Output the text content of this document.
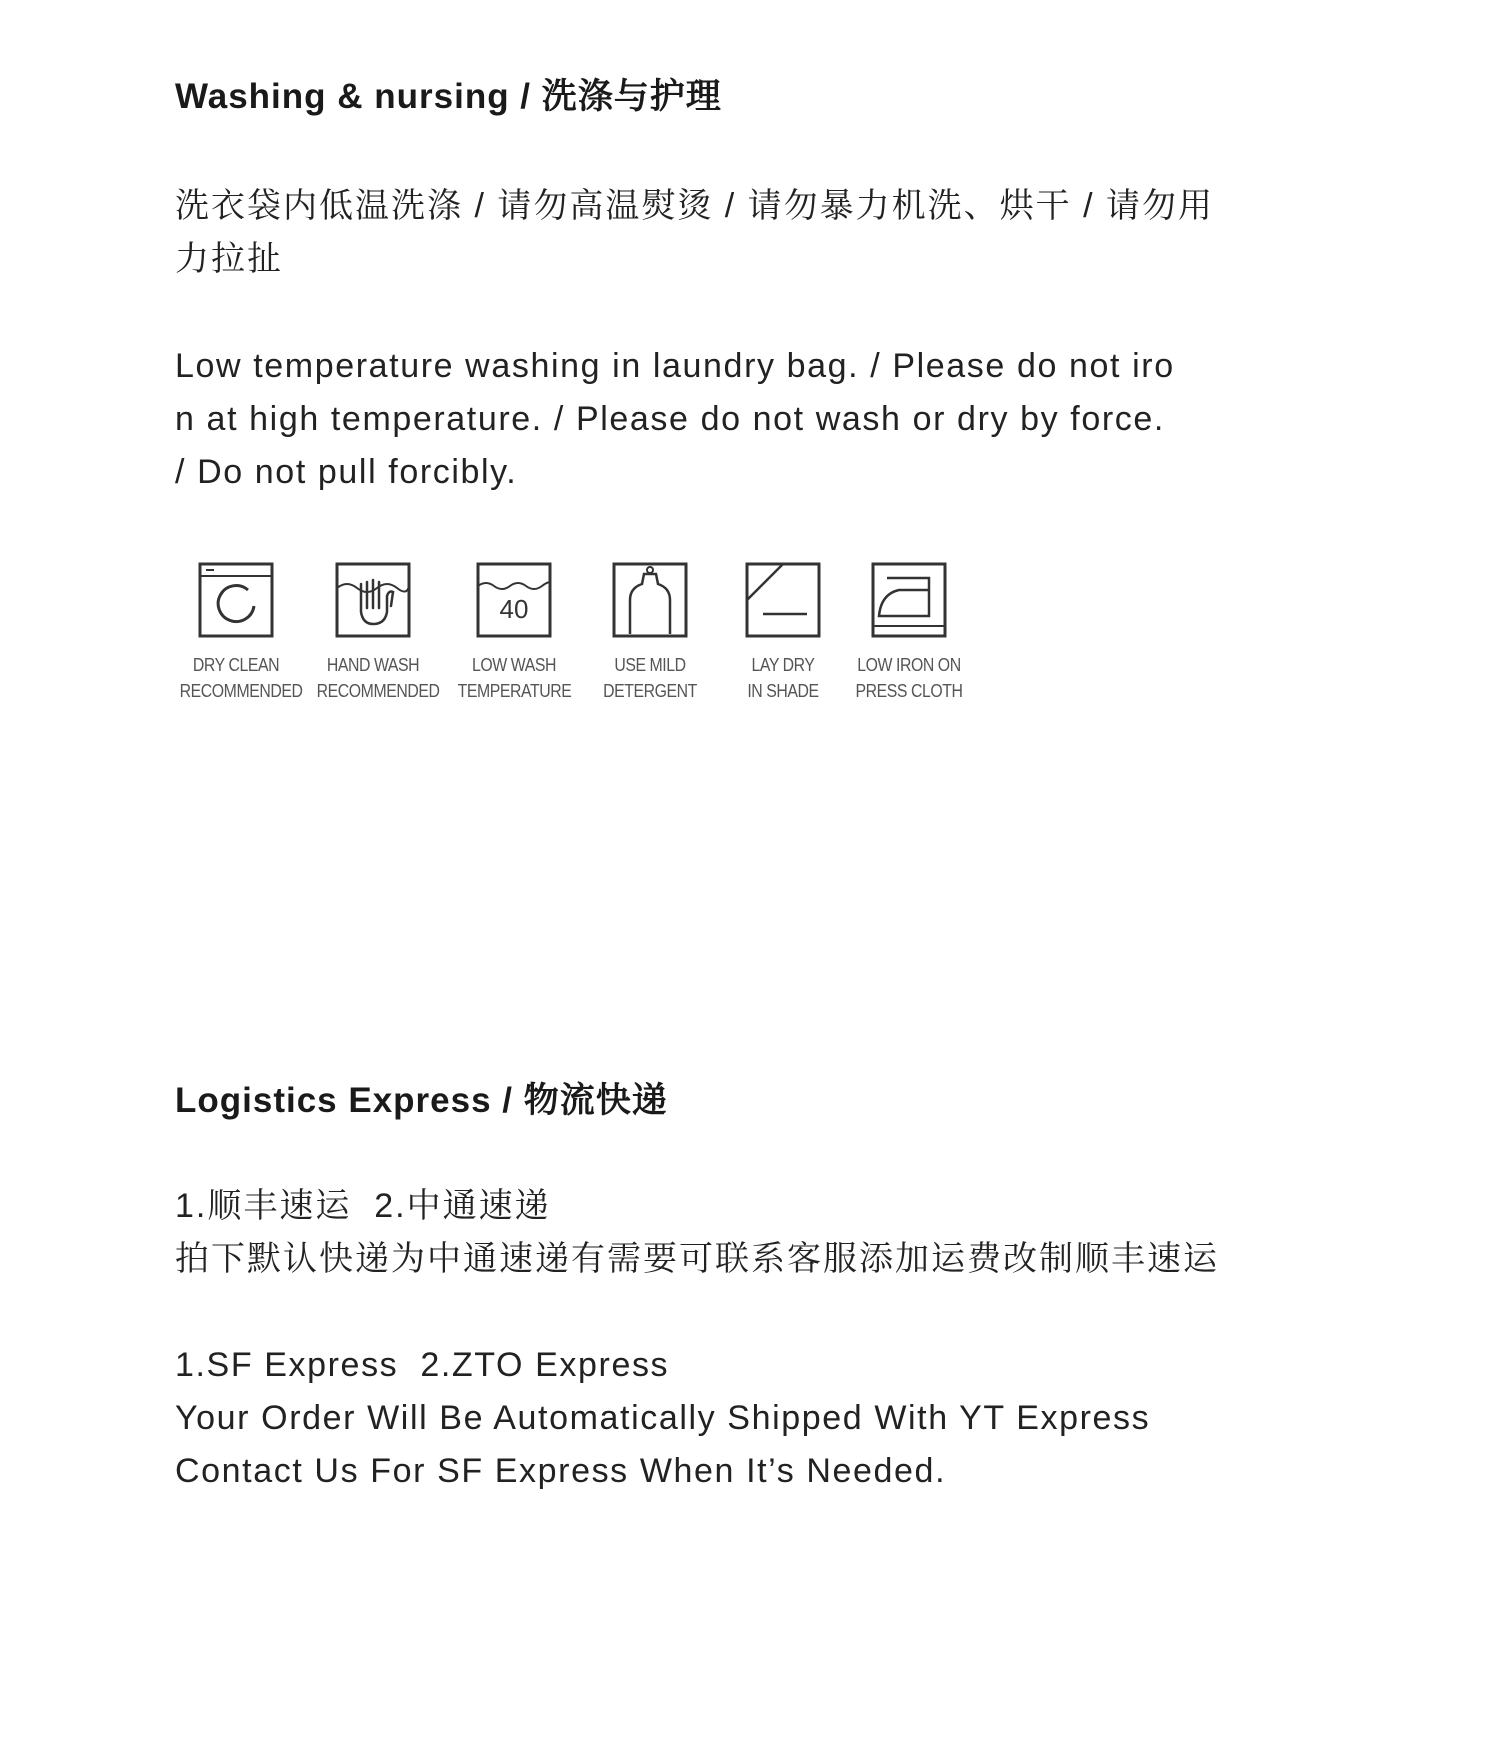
Washing & nursing / 洗涤与护理

洗衣袋内低温洗涤 / 请勿高温熨烫 / 请勿暴力机洗、烘干 / 请勿用
力拉扯

Low temperature washing in laundry bag. / Please do not iro
n at high temperature. / Please do not wash or dry by force.
/ Do not pull forcibly.

DRY CLEAN
RECOMMENDED
HAND WASH
RECOMMENDED
40
LOW WASH
TEMPERATURE
USE MILD
DETERGENT
LAY DRY
IN SHADE
LOW IRON ON
PRESS CLOTH
Logistics Express / 物流快递

1.顺丰速运  2.中通速递
拍下默认快递为中通速递有需要可联系客服添加运费改制顺丰速运

1.SF Express  2.ZTO Express
Your Order Will Be Automatically Shipped With YT Express
Contact Us For SF Express When It’s Needed.
